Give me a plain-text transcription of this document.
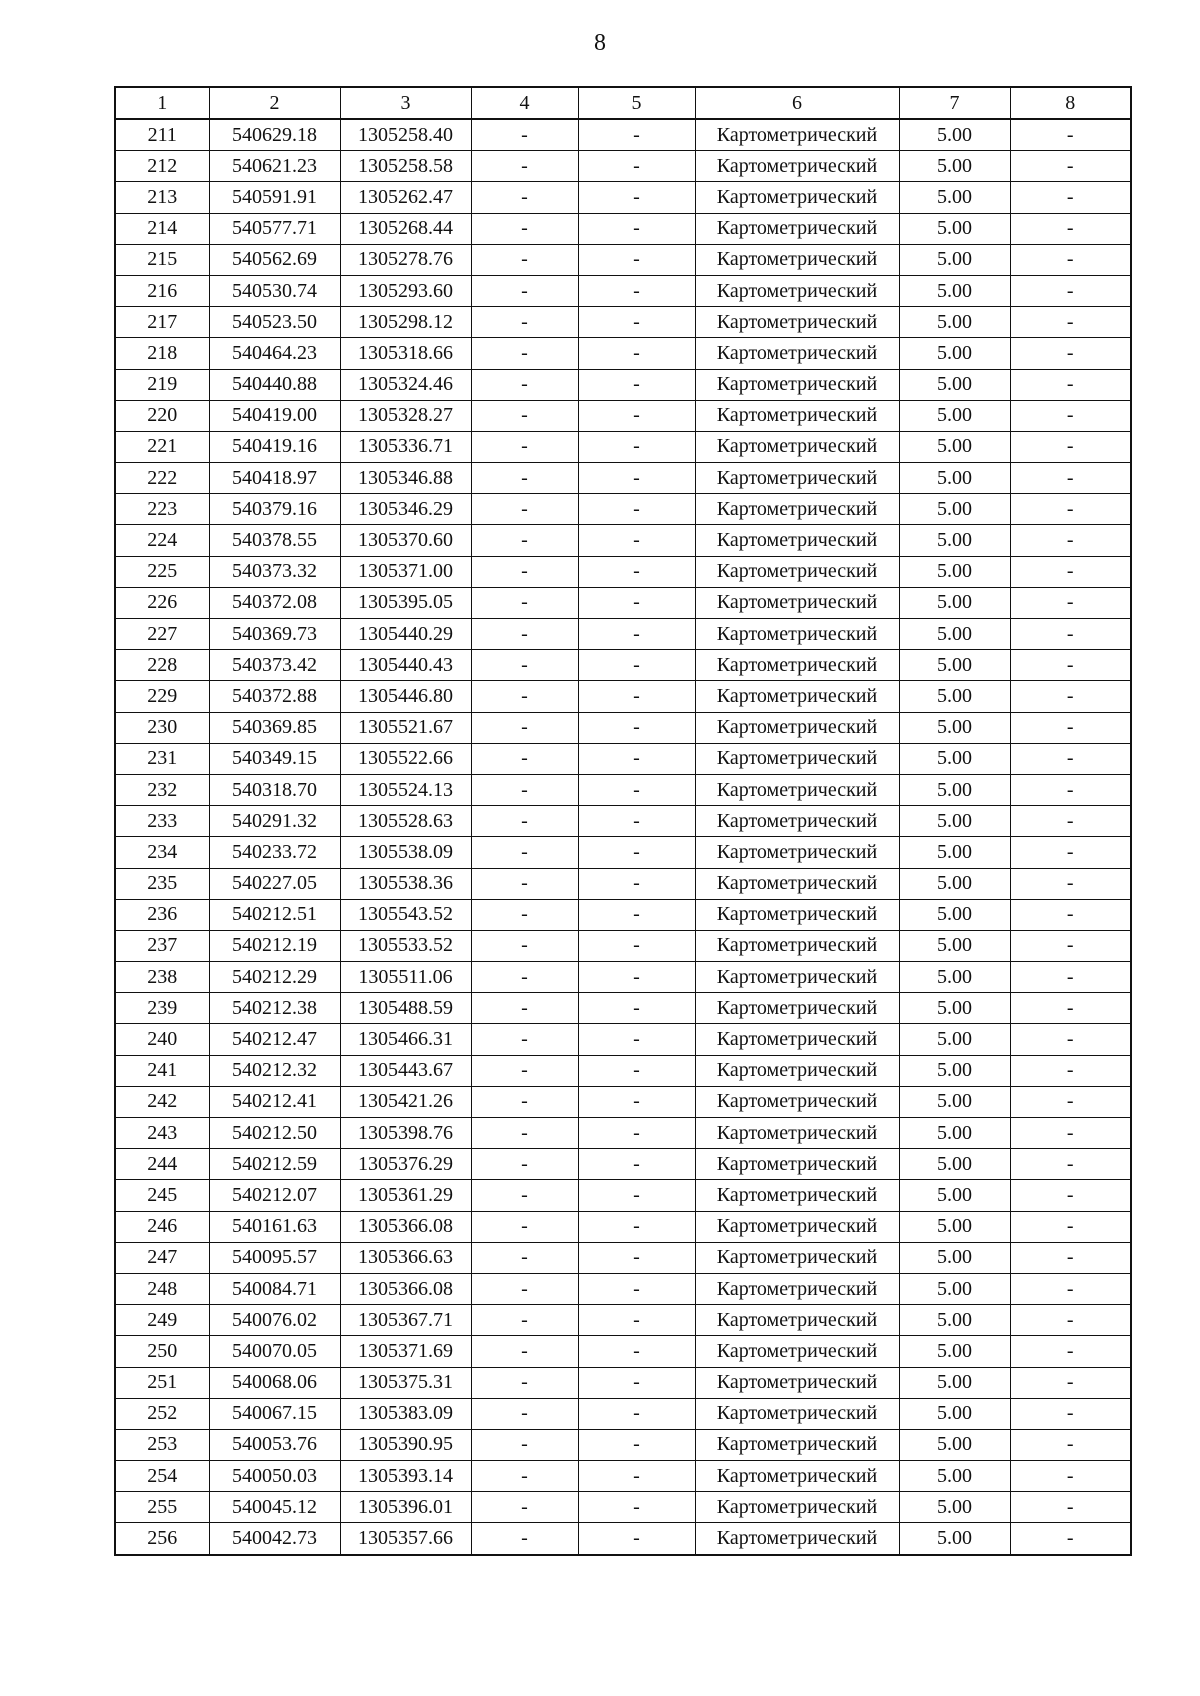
8
1	2	3	4	5	6	7	8
211	540629.18	1305258.40	-	-	Картометрический	5.00	-
212	540621.23	1305258.58	-	-	Картометрический	5.00	-
213	540591.91	1305262.47	-	-	Картометрический	5.00	-
214	540577.71	1305268.44	-	-	Картометрический	5.00	-
215	540562.69	1305278.76	-	-	Картометрический	5.00	-
216	540530.74	1305293.60	-	-	Картометрический	5.00	-
217	540523.50	1305298.12	-	-	Картометрический	5.00	-
218	540464.23	1305318.66	-	-	Картометрический	5.00	-
219	540440.88	1305324.46	-	-	Картометрический	5.00	-
220	540419.00	1305328.27	-	-	Картометрический	5.00	-
221	540419.16	1305336.71	-	-	Картометрический	5.00	-
222	540418.97	1305346.88	-	-	Картометрический	5.00	-
223	540379.16	1305346.29	-	-	Картометрический	5.00	-
224	540378.55	1305370.60	-	-	Картометрический	5.00	-
225	540373.32	1305371.00	-	-	Картометрический	5.00	-
226	540372.08	1305395.05	-	-	Картометрический	5.00	-
227	540369.73	1305440.29	-	-	Картометрический	5.00	-
228	540373.42	1305440.43	-	-	Картометрический	5.00	-
229	540372.88	1305446.80	-	-	Картометрический	5.00	-
230	540369.85	1305521.67	-	-	Картометрический	5.00	-
231	540349.15	1305522.66	-	-	Картометрический	5.00	-
232	540318.70	1305524.13	-	-	Картометрический	5.00	-
233	540291.32	1305528.63	-	-	Картометрический	5.00	-
234	540233.72	1305538.09	-	-	Картометрический	5.00	-
235	540227.05	1305538.36	-	-	Картометрический	5.00	-
236	540212.51	1305543.52	-	-	Картометрический	5.00	-
237	540212.19	1305533.52	-	-	Картометрический	5.00	-
238	540212.29	1305511.06	-	-	Картометрический	5.00	-
239	540212.38	1305488.59	-	-	Картометрический	5.00	-
240	540212.47	1305466.31	-	-	Картометрический	5.00	-
241	540212.32	1305443.67	-	-	Картометрический	5.00	-
242	540212.41	1305421.26	-	-	Картометрический	5.00	-
243	540212.50	1305398.76	-	-	Картометрический	5.00	-
244	540212.59	1305376.29	-	-	Картометрический	5.00	-
245	540212.07	1305361.29	-	-	Картометрический	5.00	-
246	540161.63	1305366.08	-	-	Картометрический	5.00	-
247	540095.57	1305366.63	-	-	Картометрический	5.00	-
248	540084.71	1305366.08	-	-	Картометрический	5.00	-
249	540076.02	1305367.71	-	-	Картометрический	5.00	-
250	540070.05	1305371.69	-	-	Картометрический	5.00	-
251	540068.06	1305375.31	-	-	Картометрический	5.00	-
252	540067.15	1305383.09	-	-	Картометрический	5.00	-
253	540053.76	1305390.95	-	-	Картометрический	5.00	-
254	540050.03	1305393.14	-	-	Картометрический	5.00	-
255	540045.12	1305396.01	-	-	Картометрический	5.00	-
256	540042.73	1305357.66	-	-	Картометрический	5.00	-
